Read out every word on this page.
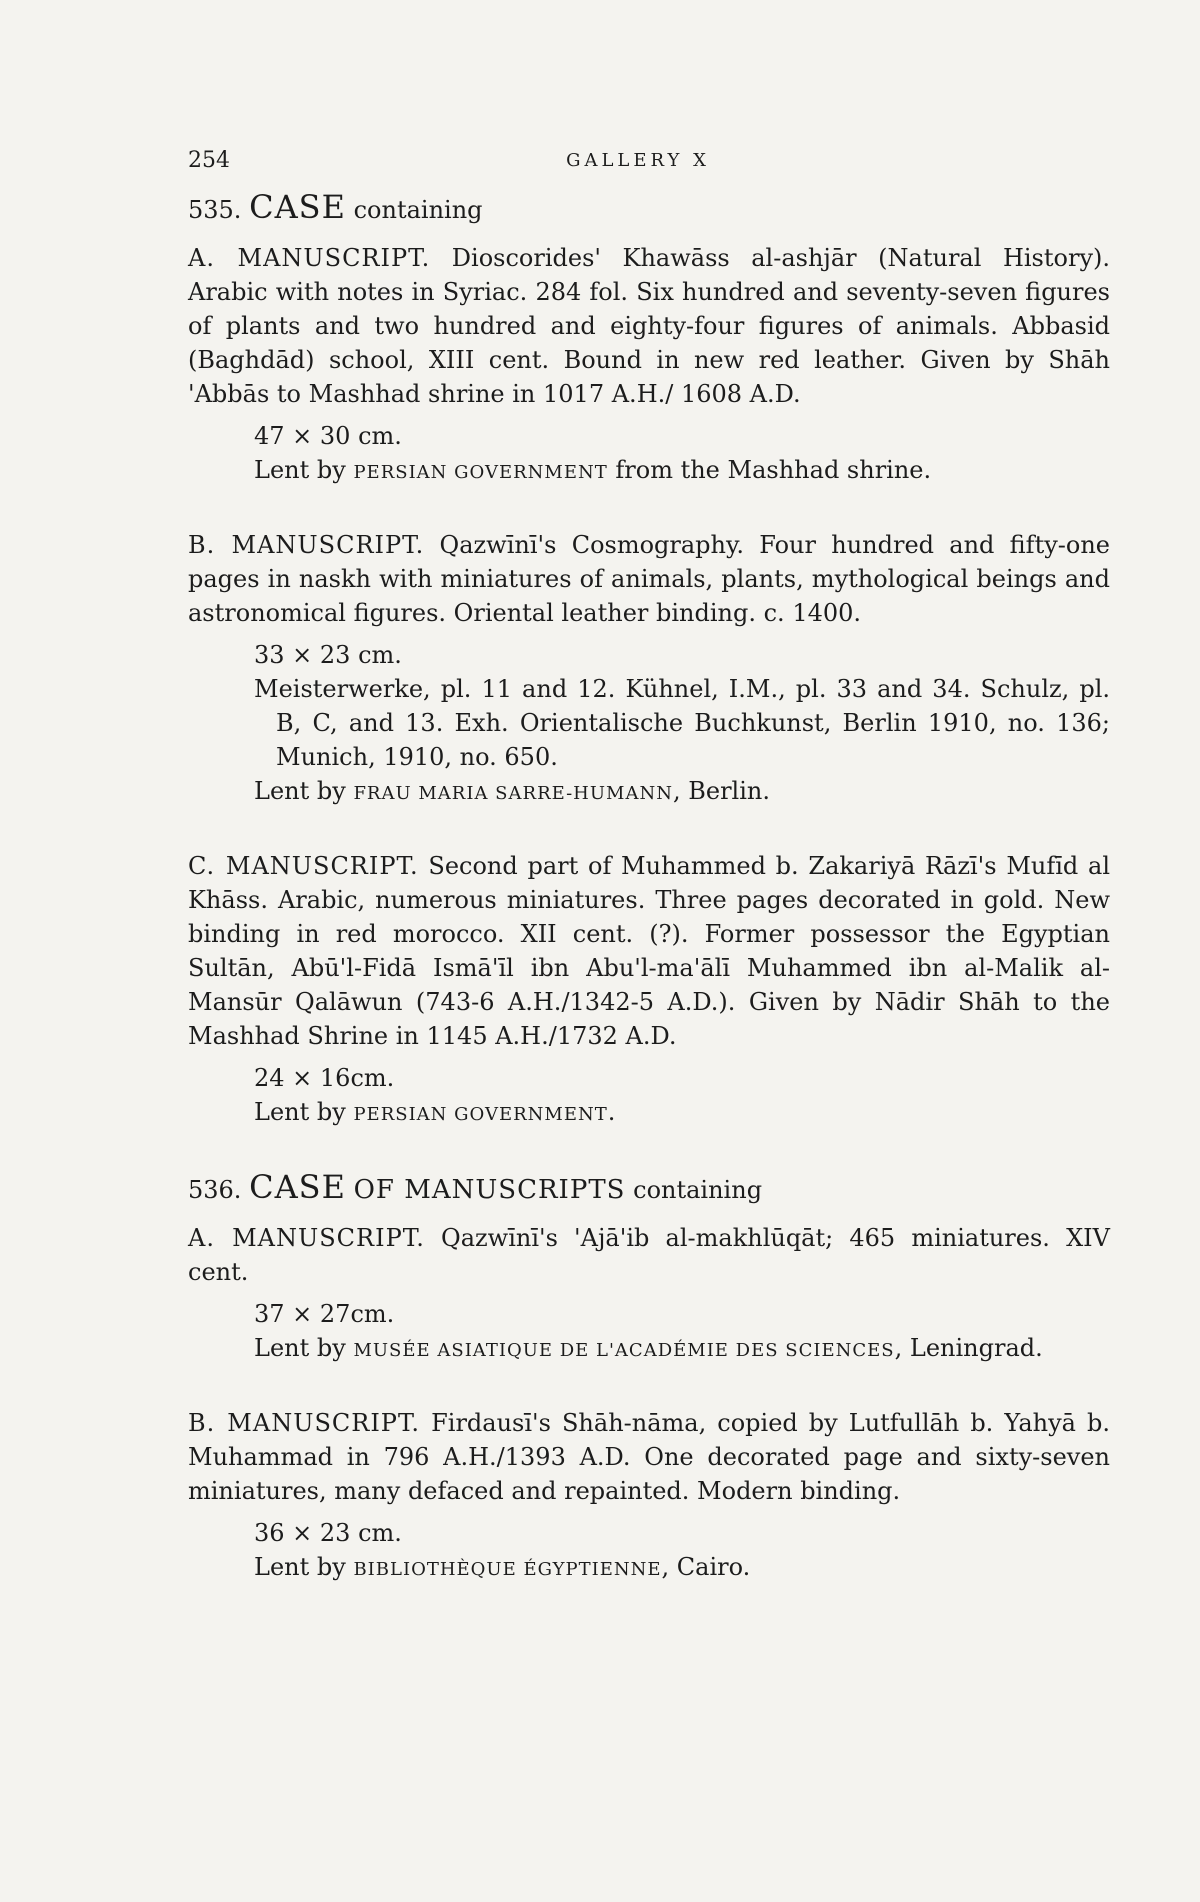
254	GALLERY X
535. CASE containing

A. MANUSCRIPT. Dioscorides' Khawāss al-ashjār (Natural History). Arabic with notes in Syriac. 284 fol. Six hundred and seventy-seven figures of plants and two hundred and eighty-four figures of animals. Abbasid (Baghdād) school, XIII cent. Bound in new red leather. Given by Shāh 'Abbās to Mashhad shrine in 1017 A.H./ 1608 A.D.

47 × 30 cm.

Lent by PERSIAN GOVERNMENT from the Mashhad shrine.

B. MANUSCRIPT. Qazwīnī's Cosmography. Four hundred and fifty-one pages in naskh with miniatures of animals, plants, mythological beings and astronomical figures. Oriental leather binding. c. 1400.

33 × 23 cm.

Meisterwerke, pl. 11 and 12. Kühnel, I.M., pl. 33 and 34. Schulz, pl. B, C, and 13. Exh. Orientalische Buchkunst, Berlin 1910, no. 136; Munich, 1910, no. 650.

Lent by FRAU MARIA SARRE-HUMANN, Berlin.

C. MANUSCRIPT. Second part of Muhammed b. Zakariyā Rāzī's Mufīd al Khāss. Arabic, numerous miniatures. Three pages decorated in gold. New binding in red morocco. XII cent. (?). Former possessor the Egyptian Sultān, Abū'l-Fidā Ismā'īl ibn Abu'l-ma'ālī Muhammed ibn al-Malik al-Mansūr Qalāwun (743-6 A.H./1342-5 A.D.). Given by Nādir Shāh to the Mashhad Shrine in 1145 A.H./1732 A.D.

24 × 16cm.

Lent by PERSIAN GOVERNMENT.

536. CASE OF MANUSCRIPTS containing

A. MANUSCRIPT. Qazwīnī's 'Ajā'ib al-makhlūqāt; 465 miniatures. XIV cent.

37 × 27cm.

Lent by MUSÉE ASIATIQUE DE L'ACADÉMIE DES SCIENCES, Leningrad.

B. MANUSCRIPT. Firdausī's Shāh-nāma, copied by Lutfullāh b. Yahyā b. Muhammad in 796 A.H./1393 A.D. One decorated page and sixty-seven miniatures, many defaced and repainted. Modern binding.

36 × 23 cm.

Lent by BIBLIOTHÈQUE ÉGYPTIENNE, Cairo.
